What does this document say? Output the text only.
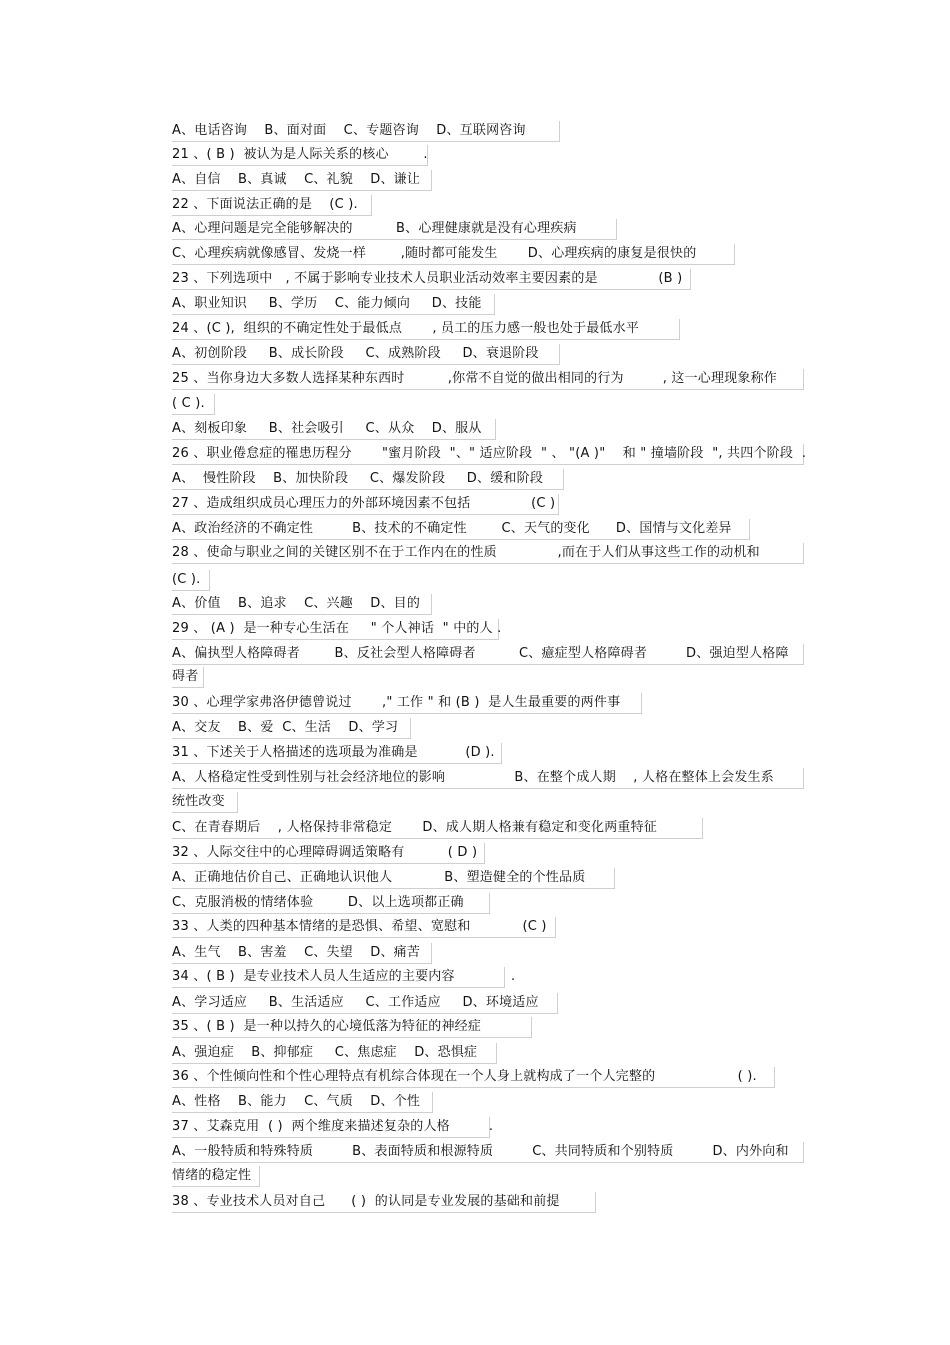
A、电话咨询    B、面对面    C、专题咨询    D、互联网咨询
21 、( B )  被认为是人际关系的核心        .
A、自信    B、真诚    C、礼貌    D、谦让
22 、下面说法正确的是    (C ).
A、心理问题是完全能够解决的          B、心理健康就是没有心理疾病
C、心理疾病就像感冒、发烧一样        ,随时都可能发生       D、心理疾病的康复是很快的
23 、下列选项中   , 不属于影响专业技术人员职业活动效率主要因素的是              (B )
A、职业知识     B、学历    C、能力倾向     D、技能
24 、(C ),  组织的不确定性处于最低点       , 员工的压力感一般也处于最低水平
A、初创阶段     B、成长阶段     C、成熟阶段     D、衰退阶段
25 、当你身边大多数人选择某种东西时          ,你常不自觉的做出相同的行为         , 这一心理现象称作
( C ).
A、刻板印象     B、社会吸引     C、从众    D、服从
26 、职业倦怠症的罹患历程分       "蜜月阶段  "、" 适应阶段  " 、 "(A )"    和 " 撞墙阶段  ", 共四个阶段  .
A、  慢性阶段    B、加快阶段     C、爆发阶段     D、缓和阶段
27 、造成组织成员心理压力的外部环境因素不包括              (C )
A、政治经济的不确定性         B、技术的不确定性        C、天气的变化      D、国情与文化差异
28 、使命与职业之间的关键区别不在于工作内在的性质              ,而在于人们从事这些工作的动机和
(C ).
A、价值    B、追求    C、兴趣    D、目的
29 、 (A )  是一种专心生活在     " 个人神话  " 中的人 .
A、偏执型人格障碍者        B、反社会型人格障碍者          C、癔症型人格障碍者         D、强迫型人格障
碍者
30 、心理学家弗洛伊德曾说过       ," 工作 " 和 (B )  是人生最重要的两件事
A、交友    B、爱  C、生活    D、学习
31 、下述关于人格描述的选项最为准确是           (D ).
A、人格稳定性受到性别与社会经济地位的影响                B、在整个成人期    , 人格在整体上会发生系
统性改变
C、在青春期后    , 人格保持非常稳定       D、成人期人格兼有稳定和变化两重特征
32 、人际交往中的心理障碍调适策略有          ( D )
A、正确地估价自己、正确地认识他人            B、塑造健全的个性品质
C、克服消极的情绪体验        D、以上选项都正确
33 、人类的四种基本情绪的是恐惧、希望、宽慰和            (C )
A、生气    B、害羞    C、失望    D、痛苦
34 、( B )  是专业技术人员人生适应的主要内容             .
A、学习适应     B、生活适应     C、工作适应     D、环境适应
35 、( B )  是一种以持久的心境低落为特征的神经症
A、强迫症    B、抑郁症     C、焦虑症    D、恐惧症
36 、个性倾向性和个性心理特点有机综合体现在一个人身上就构成了一个人完整的                   ( ).
A、性格    B、能力    C、气质    D、个性
37 、艾森克用  ( )  两个维度来描述复杂的人格         .
A、一般特质和特殊特质         B、表面特质和根源特质         C、共同特质和个别特质         D、内外向和
情绪的稳定性
38 、专业技术人员对自己      ( )  的认同是专业发展的基础和前提
